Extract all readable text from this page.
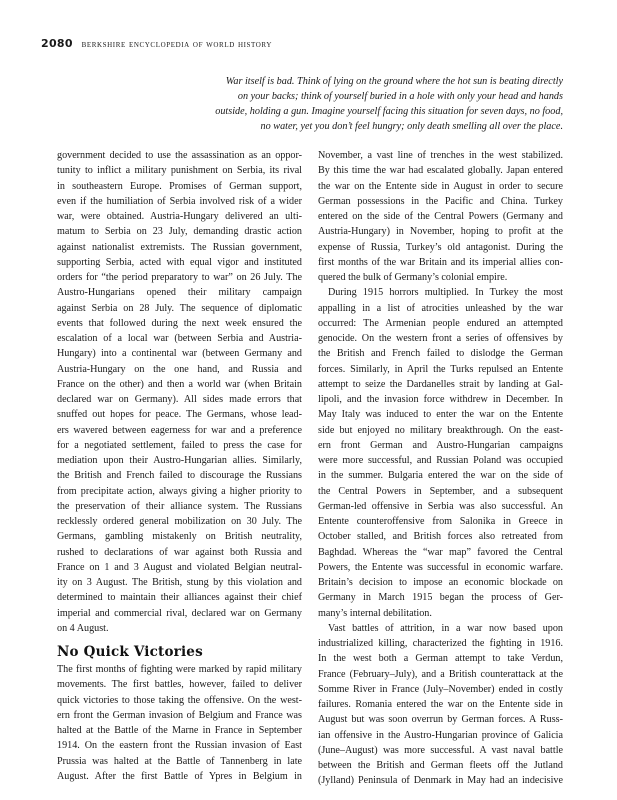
2080 berkshire encyclopedia of world history
War itself is bad. Think of lying on the ground where the hot sun is beating directly
on your backs; think of yourself buried in a hole with only your head and hands
outside, holding a gun. Imagine yourself facing this situation for seven days, no food,
no water, yet you don’t feel hungry; only death smelling all over the place.
government decided to use the assassination as an oppor-
tunity to inflict a military punishment on Serbia, its rival
in southeastern Europe. Promises of German support,
even if the humiliation of Serbia involved risk of a wider
war, were obtained. Austria-Hungary delivered an ulti-
matum to Serbia on 23 July, demanding drastic action
against nationalist extremists. The Russian government,
supporting Serbia, acted with equal vigor and instituted
orders for “the period preparatory to war” on 26 July. The
Austro-Hungarians opened their military campaign
against Serbia on 28 July. The sequence of diplomatic
events that followed during the next week ensured the
escalation of a local war (between Serbia and Austria-
Hungary) into a continental war (between Germany and
Austria-Hungary on the one hand, and Russia and
France on the other) and then a world war (when Britain
declared war on Germany). All sides made errors that
snuffed out hopes for peace. The Germans, whose lead-
ers wavered between eagerness for war and a preference
for a negotiated settlement, failed to press the case for
mediation upon their Austro-Hungarian allies. Similarly,
the British and French failed to discourage the Russians
from precipitate action, always giving a higher priority to
the preservation of their alliance system. The Russians
recklessly ordered general mobilization on 30 July. The
Germans, gambling mistakenly on British neutrality,
rushed to declarations of war against both Russia and
France on 1 and 3 August and violated Belgian neutral-
ity on 3 August. The British, stung by this violation and
determined to maintain their alliances against their chief
imperial and commercial rival, declared war on Germany
on 4 August.
No Quick Victories
The first months of fighting were marked by rapid military
movements. The first battles, however, failed to deliver
quick victories to those taking the offensive. On the west-
ern front the German invasion of Belgium and France was
halted at the Battle of the Marne in France in September
1914. On the eastern front the Russian invasion of East
Prussia was halted at the Battle of Tannenberg in late
August. After the first Battle of Ypres in Belgium in
November, a vast line of trenches in the west stabilized.
By this time the war had escalated globally. Japan entered
the war on the Entente side in August in order to secure
German possessions in the Pacific and China. Turkey
entered on the side of the Central Powers (Germany and
Austria-Hungary) in November, hoping to profit at the
expense of Russia, Turkey’s old antagonist. During the
first months of the war Britain and its imperial allies con-
quered the bulk of Germany’s colonial empire.
During 1915 horrors multiplied. In Turkey the most
appalling in a list of atrocities unleashed by the war
occurred: The Armenian people endured an attempted
genocide. On the western front a series of offensives by
the British and French failed to dislodge the German
forces. Similarly, in April the Turks repulsed an Entente
attempt to seize the Dardanelles strait by landing at Gal-
lipoli, and the invasion force withdrew in December. In
May Italy was induced to enter the war on the Entente
side but enjoyed no military breakthrough. On the east-
ern front German and Austro-Hungarian campaigns
were more successful, and Russian Poland was occupied
in the summer. Bulgaria entered the war on the side of
the Central Powers in September, and a subsequent
German-led offensive in Serbia was also successful. An
Entente counteroffensive from Salonika in Greece in
October stalled, and British forces also retreated from
Baghdad. Whereas the “war map” favored the Central
Powers, the Entente was successful in economic warfare.
Britain’s decision to impose an economic blockade on
Germany in March 1915 began the process of Ger-
many’s internal debilitation.
Vast battles of attrition, in a war now based upon
industrialized killing, characterized the fighting in 1916.
In the west both a German attempt to take Verdun,
France (February–July), and a British counterattack at the
Somme River in France (July–November) ended in costly
failures. Romania entered the war on the Entente side in
August but was soon overrun by German forces. A Russ-
ian offensive in the Austro-Hungarian province of Galicia
(June–August) was more successful. A vast naval battle
between the British and German fleets off the Jutland
(Jylland) Peninsula of Denmark in May had an indecisive
